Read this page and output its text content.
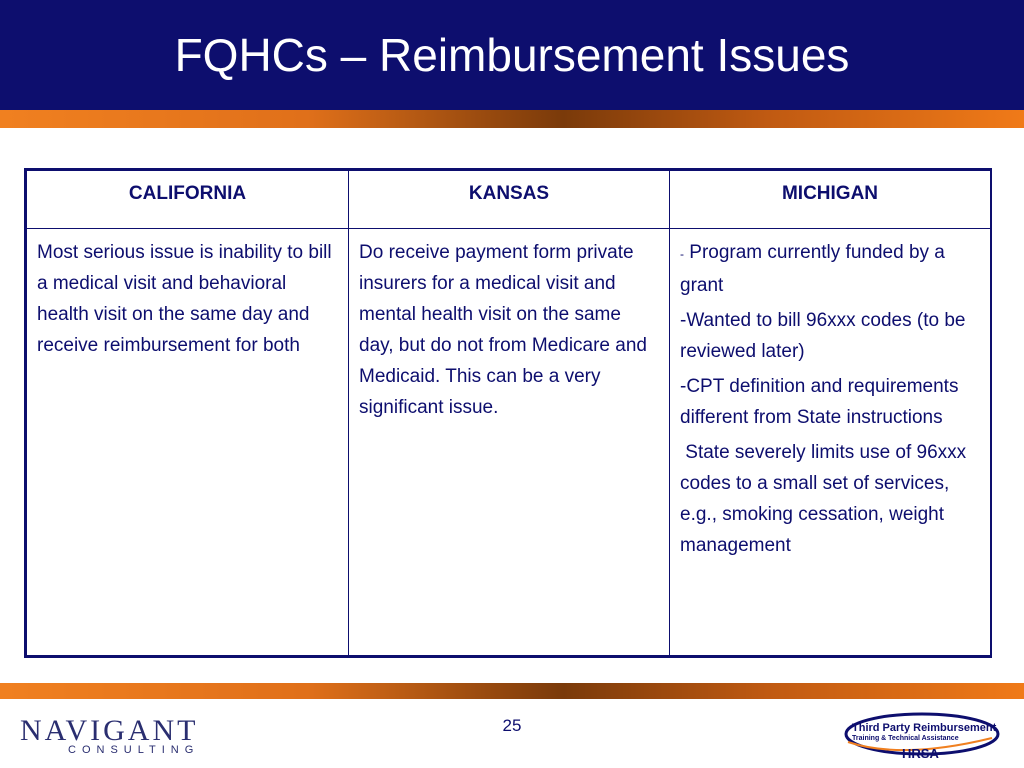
FQHCs – Reimbursement Issues
CALIFORNIA	KANSAS	MICHIGAN
Most serious issue is inability to bill a medical visit and behavioral health visit on the same day and receive reimbursement for both	Do receive payment form private insurers for a medical visit and mental health visit on the same day, but do not from Medicare and Medicaid. This can be a very significant issue.	- Program currently funded by a grant

-Wanted to bill 96xxx codes (to be reviewed later)

-CPT definition and requirements different from State instructions

State severely limits use of 96xxx codes to a small set of services, e.g., smoking cessation, weight management

NAVIGANT
CONSULTING
25	Third Party Reimbursement
Training & Technical Assistance
HRSA
